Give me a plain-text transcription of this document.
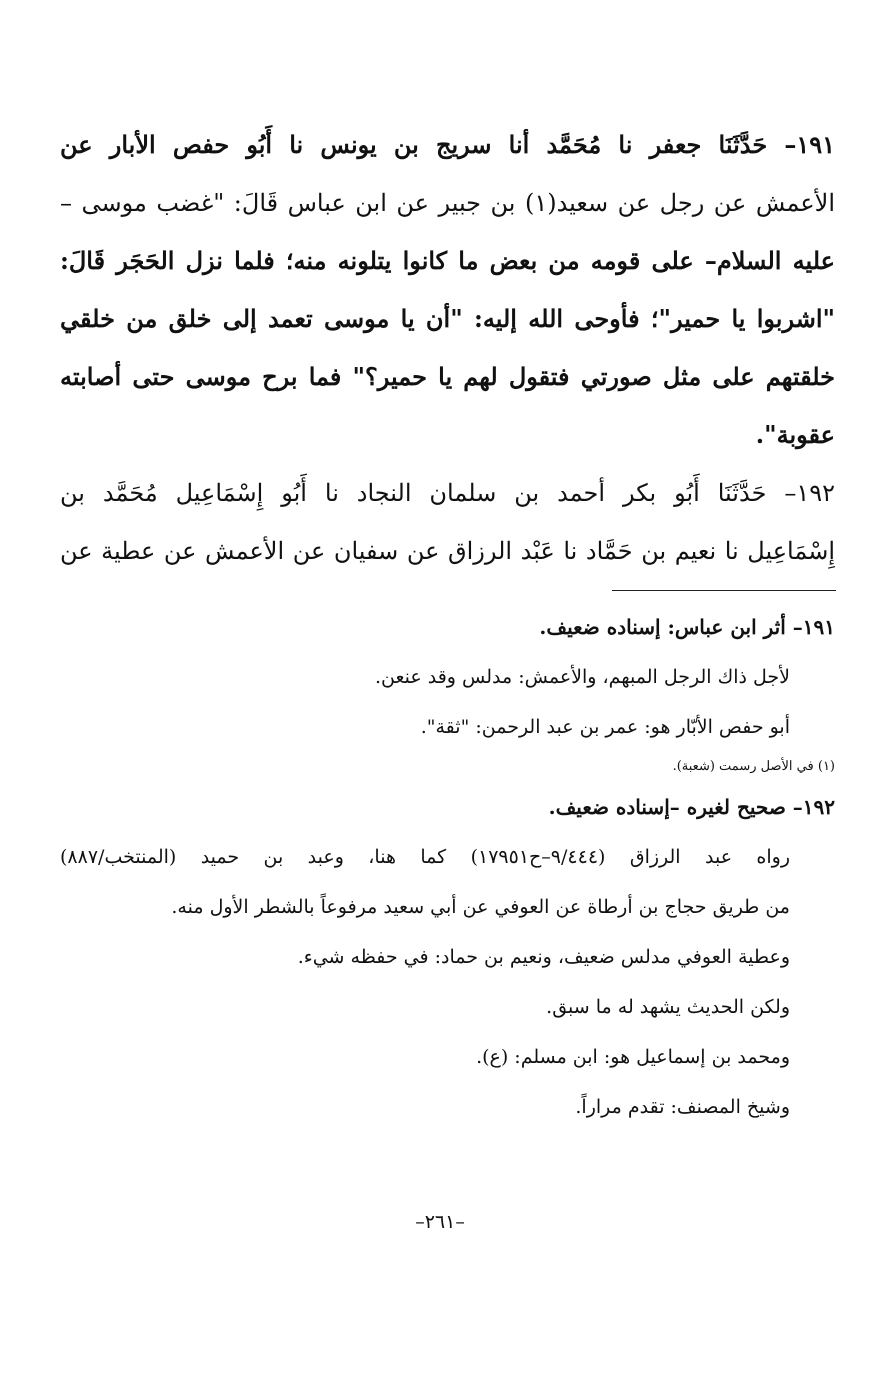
١٩١– حَدَّثَنَا جعفر نا مُحَمَّد أنا سريج بن يونس نا أَبُو حفص الأبار عن
الأعمش عن رجل عن سعيد(١) بن جبير عن ابن عباس قَالَ: "غضب موسى –
عليه السلام– على قومه من بعض ما كانوا يتلونه منه؛ فلما نزل الحَجَر قَالَ:
"اشربوا يا حمير"؛ فأوحى الله إليه: "أن يا موسى تعمد إلى خلق من خلقي
خلقتهم على مثل صورتي فتقول لهم يا حمير؟" فما برح موسى حتى أصابته
عقوبة".
١٩٢– حَدَّثَنَا أَبُو بكر أحمد بن سلمان النجاد نا أَبُو إِسْمَاعِيل مُحَمَّد بن
إِسْمَاعِيل نا نعيم بن حَمَّاد نا عَبْد الرزاق عن سفيان عن الأعمش عن عطية عن
١٩١– أثر ابن عباس: إسناده ضعيف.
لأجل ذاك الرجل المبهم، والأعمش: مدلس وقد عنعن.
أبو حفص الأبّار هو: عمر بن عبد الرحمن: "ثقة".
(١) في الأصل رسمت (شعبة).
١٩٢– صحيح لغيره –إسناده ضعيف.
رواه عبد الرزاق (٩/٤٤٤–ح١٧٩٥١) كما هنا، وعبد بن حميد (المنتخب/٨٨٧)
من طريق حجاج بن أرطاة عن العوفي عن أبي سعيد مرفوعاً بالشطر الأول منه.
وعطية العوفي مدلس ضعيف، ونعيم بن حماد: في حفظه شيء.
ولكن الحديث يشهد له ما سبق.
ومحمد بن إسماعيل هو: ابن مسلم: (ع).
وشيخ المصنف: تقدم مراراً.
–٢٦١–
